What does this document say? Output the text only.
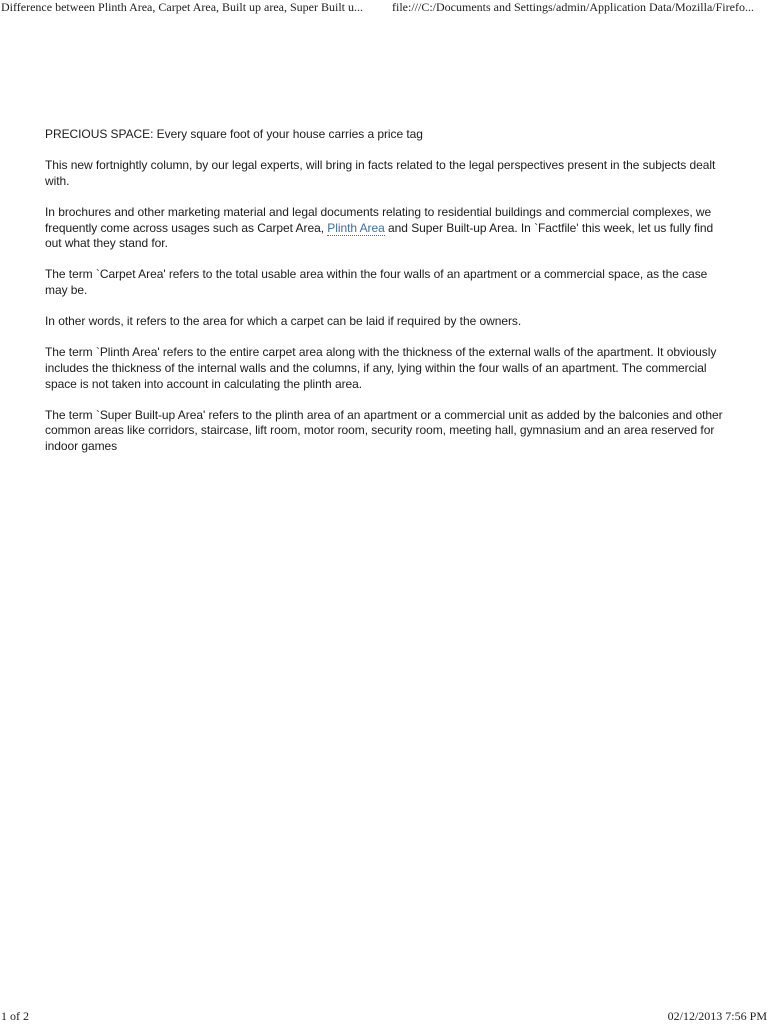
Difference between Plinth Area, Carpet Area, Built up area, Super Built u...	file:///C:/Documents and Settings/admin/Application Data/Mozilla/Firefo...

PRECIOUS SPACE: Every square foot of your house carries a price tag

This new fortnightly column, by our legal experts, will bring in facts related to the legal perspectives present in the subjects dealt with.

In brochures and other marketing material and legal documents relating to residential buildings and commercial complexes, we frequently come across usages such as Carpet Area, Plinth Area and Super Built-up Area. In `Factfile' this week, let us fully find out what they stand for.

The term `Carpet Area' refers to the total usable area within the four walls of an apartment or a commercial space, as the case may be.

In other words, it refers to the area for which a carpet can be laid if required by the owners.

The term `Plinth Area' refers to the entire carpet area along with the thickness of the external walls of the apartment. It obviously includes the thickness of the internal walls and the columns, if any, lying within the four walls of an apartment. The commercial space is not taken into account in calculating the plinth area.

The term `Super Built-up Area' refers to the plinth area of an apartment or a commercial unit as added by the balconies and other common areas like corridors, staircase, lift room, motor room, security room, meeting hall, gymnasium and an area reserved for indoor games

1 of 2	02/12/2013 7:56 PM
